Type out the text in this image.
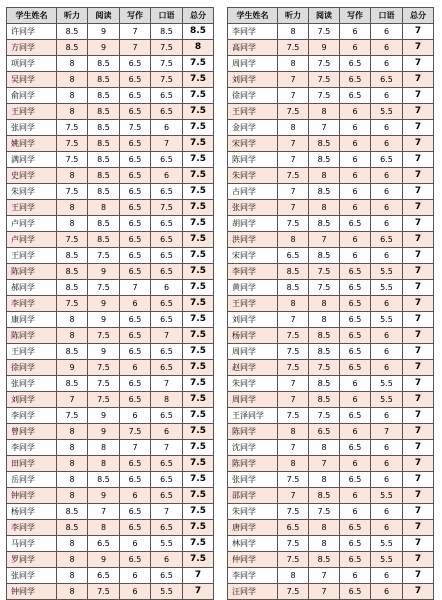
学生姓名	听力	阅读	写作	口语	总分
许同学	8.5	9	7	8.5	8.5
方同学	8.5	9	7	7.5	8
项同学	8	8.5	6.5	7.5	7.5
吴同学	8	8.5	6.5	7.5	7.5
俞同学	8	8.5	6.5	6.5	7.5
王同学	8	8.5	6.5	6.5	7.5
张同学	7.5	8.5	7.5	6	7.5
姚同学	7.5	8.5	6.5	7	7.5
满同学	7.5	8.5	6.5	6.5	7.5
史同学	8	8.5	6.5	6	7.5
朱同学	7.5	8.5	6.5	6.5	7.5
王同学	8	8	6.5	7.5	7.5
卢同学	8	8.5	6.5	6.5	7.5
卢同学	7.5	8.5	6.5	6.5	7.5
王同学	8.5	7.5	6.5	6.5	7.5
陈同学	8.5	9	6.5	6.5	7.5
郝同学	8.5	7.5	7	6	7.5
李同学	7.5	9	6	6.5	7.5
康同学	8	9	6.5	6.5	7.5
陈同学	8	7.5	6.5	7	7.5
王同学	8.5	9	6.5	6.5	7.5
徐同学	9	7.5	6	6.5	7.5
张同学	8.5	7.5	6.5	7	7.5
刘同学	7	7.5	6.5	8	7.5
李同学	7.5	9	6	6.5	7.5
曾同学	8	9	7.5	6	7.5
李同学	8	8	7	7	7.5
田同学	8	8	6.5	6.5	7.5
岳同学	8	8.5	6.5	6.5	7.5
钟同学	8	9	6	6.5	7.5
杨同学	8.5	7	6.5	7	7.5
李同学	8.5	8	6.5	6.5	7.5
马同学	8	6.5	6	5.5	7.5
罗同学	8	9	6.5	6	7.5
张同学	8	6.5	6	6.5	7
钟同学	8	7.5	6	5.5	7
学生姓名	听力	阅读	写作	口语	总分
李同学	8	7.5	6	6	7
高同学	7.5	9	6	6	7
周同学	8	7.5	6.5	6	7
刘同学	7	7.5	6.5	6.5	7
徐同学	7	7.5	6.5	6	7
王同学	7.5	8	6	5.5	7
金同学	8	7	6	6	7
宋同学	7	8.5	6	6	7
陈同学	7	8.5	6	6.5	7
朱同学	7.5	8	6	6	7
古同学	7	8.5	6	6	7
张同学	7	8	6	6	7
胡同学	7.5	8.5	6.5	6	7
洪同学	8	7	6	6.5	7
宋同学	6.5	8.5	6	6	7
李同学	8.5	7.5	6.5	5.5	7
黄同学	8.5	7.5	6.5	5.5	7
王同学	8	8	6.5	6	7
刘同学	7	8	6.5	5.5	7
杨同学	7.5	8.5	6.5	6	7
周同学	7.5	8.5	6.5	6	7
赵同学	7.5	7.5	6.5	6	7
朱同学	7	8.5	6	5.5	7
周同学	7	8.5	6	5.5	7
王泽同学	7.5	7.5	6.5	6	7
陈同学	8	6.5	6	7	7
沈同学	7	8	6.5	6	7
陈同学	8	7	6	6	7
张同学	7.5	8	6.5	6	7
邵同学	7	8.5	6	5.5	7
朱同学	7.5	7.5	6	6	7
唐同学	6.5	8	6.5	6	7
林同学	7.5	8	6.5	5.5	7
仲同学	7.5	8.5	6.5	5.5	7
李同学	8	7	6	6	7
汪同学	7.5	7	6.5	6	7
